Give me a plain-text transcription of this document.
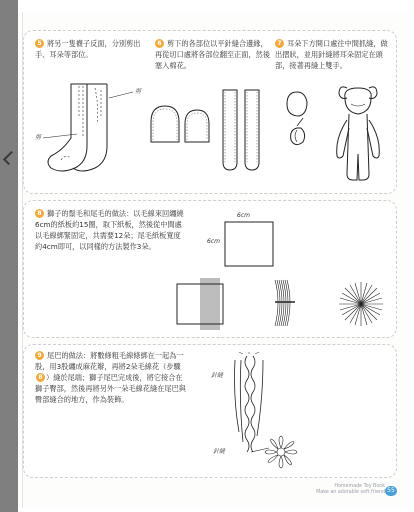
5 將另一隻襪子反面，分別剪出手、耳朵等部位。
6 剪下的各部位以平針縫合邊緣，再從切口處將各部位翻至正面，然後塞入棉花。
7 耳朵下方開口處往中間抓縫，做出摺狀，並用針縫將耳朵固定在頭部，接著再縫上雙手。
剪
剪
8 獅子的鬃毛和尾毛的做法：以毛線來回纏繞6cm的紙板約15圈，取下紙板，然後從中間處以毛線綁緊固定，共需要12朵；尾毛紙板寬度約4cm即可，以同樣的方法製作3朵。
6cm
6cm
9 尾巴的做法：將數條粗毛線條綁在一起為一股，用3股纏成麻花辮，再將2朵毛線花（步驟8 ）縫於尾端；獅子尾巴完成後，將它接合在獅子臀部，然後再將另外一朵毛線花縫在尾巴與臀部縫合的地方，作為裝飾。
針縫
針縫
Homemade Toy Book
Make an adorable soft friend 55
